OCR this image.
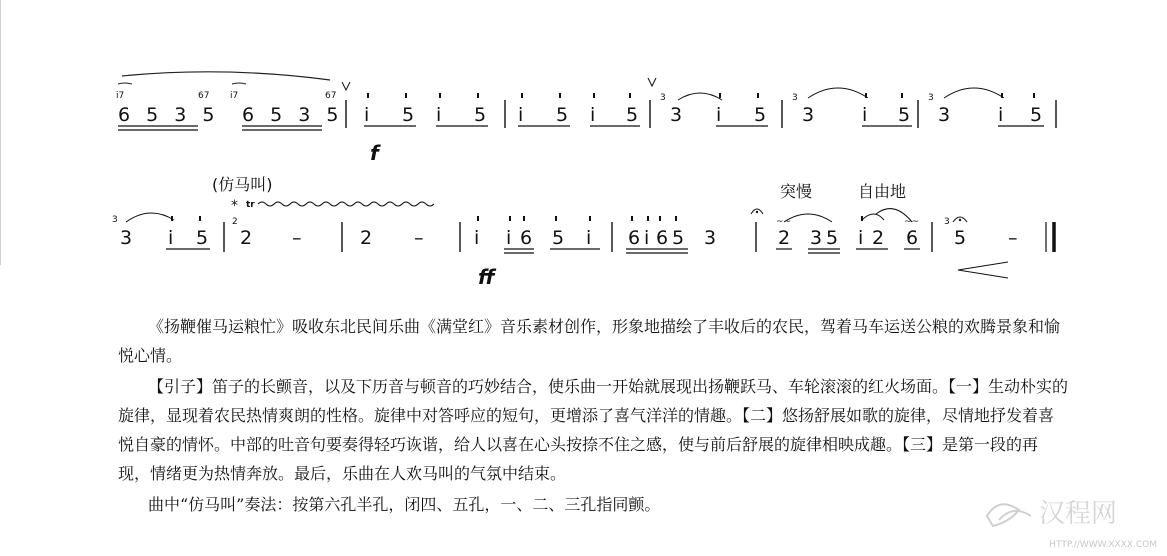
i7	67 i7	67
6 5 3 5 6 5 3 5 i 5 i 5 i 5 i 5
3
3 i 5
3
3	i 5
3
3	i 5
f
(仿马叫)
* tr
突慢	自由地
3
3 i 5
2
2 –	2 –	i i 6 5 i 6 i 6 5 3
~~
2 3 5 i 2 6
~~	3
5 –
ff

《扬鞭催马运粮忙》吸收东北民间乐曲《满堂红》音乐素材创作，形象地描绘了丰收后的农民，驾着马车运送公粮的欢腾景象和愉悦心情。

【引子】笛子的长颤音，以及下历音与顿音的巧妙结合，使乐曲一开始就展现出扬鞭跃马、车轮滚滚的红火场面。【一】生动朴实的旋律，显现着农民热情爽朗的性格。旋律中对答呼应的短句，更增添了喜气洋洋的情趣。【二】悠扬舒展如歌的旋律，尽情地抒发着喜悦自豪的情怀。中部的吐音句要奏得轻巧诙谐，给人以喜在心头按捺不住之感，使与前后舒展的旋律相映成趣。【三】是第一段的再现，情绪更为热情奔放。最后，乐曲在人欢马叫的气氛中结束。

曲中“仿马叫”奏法：按第六孔半孔，闭四、五孔，一、二、三孔指同颤。	汉程网
HTTP.//WWW.XXXX.COM
